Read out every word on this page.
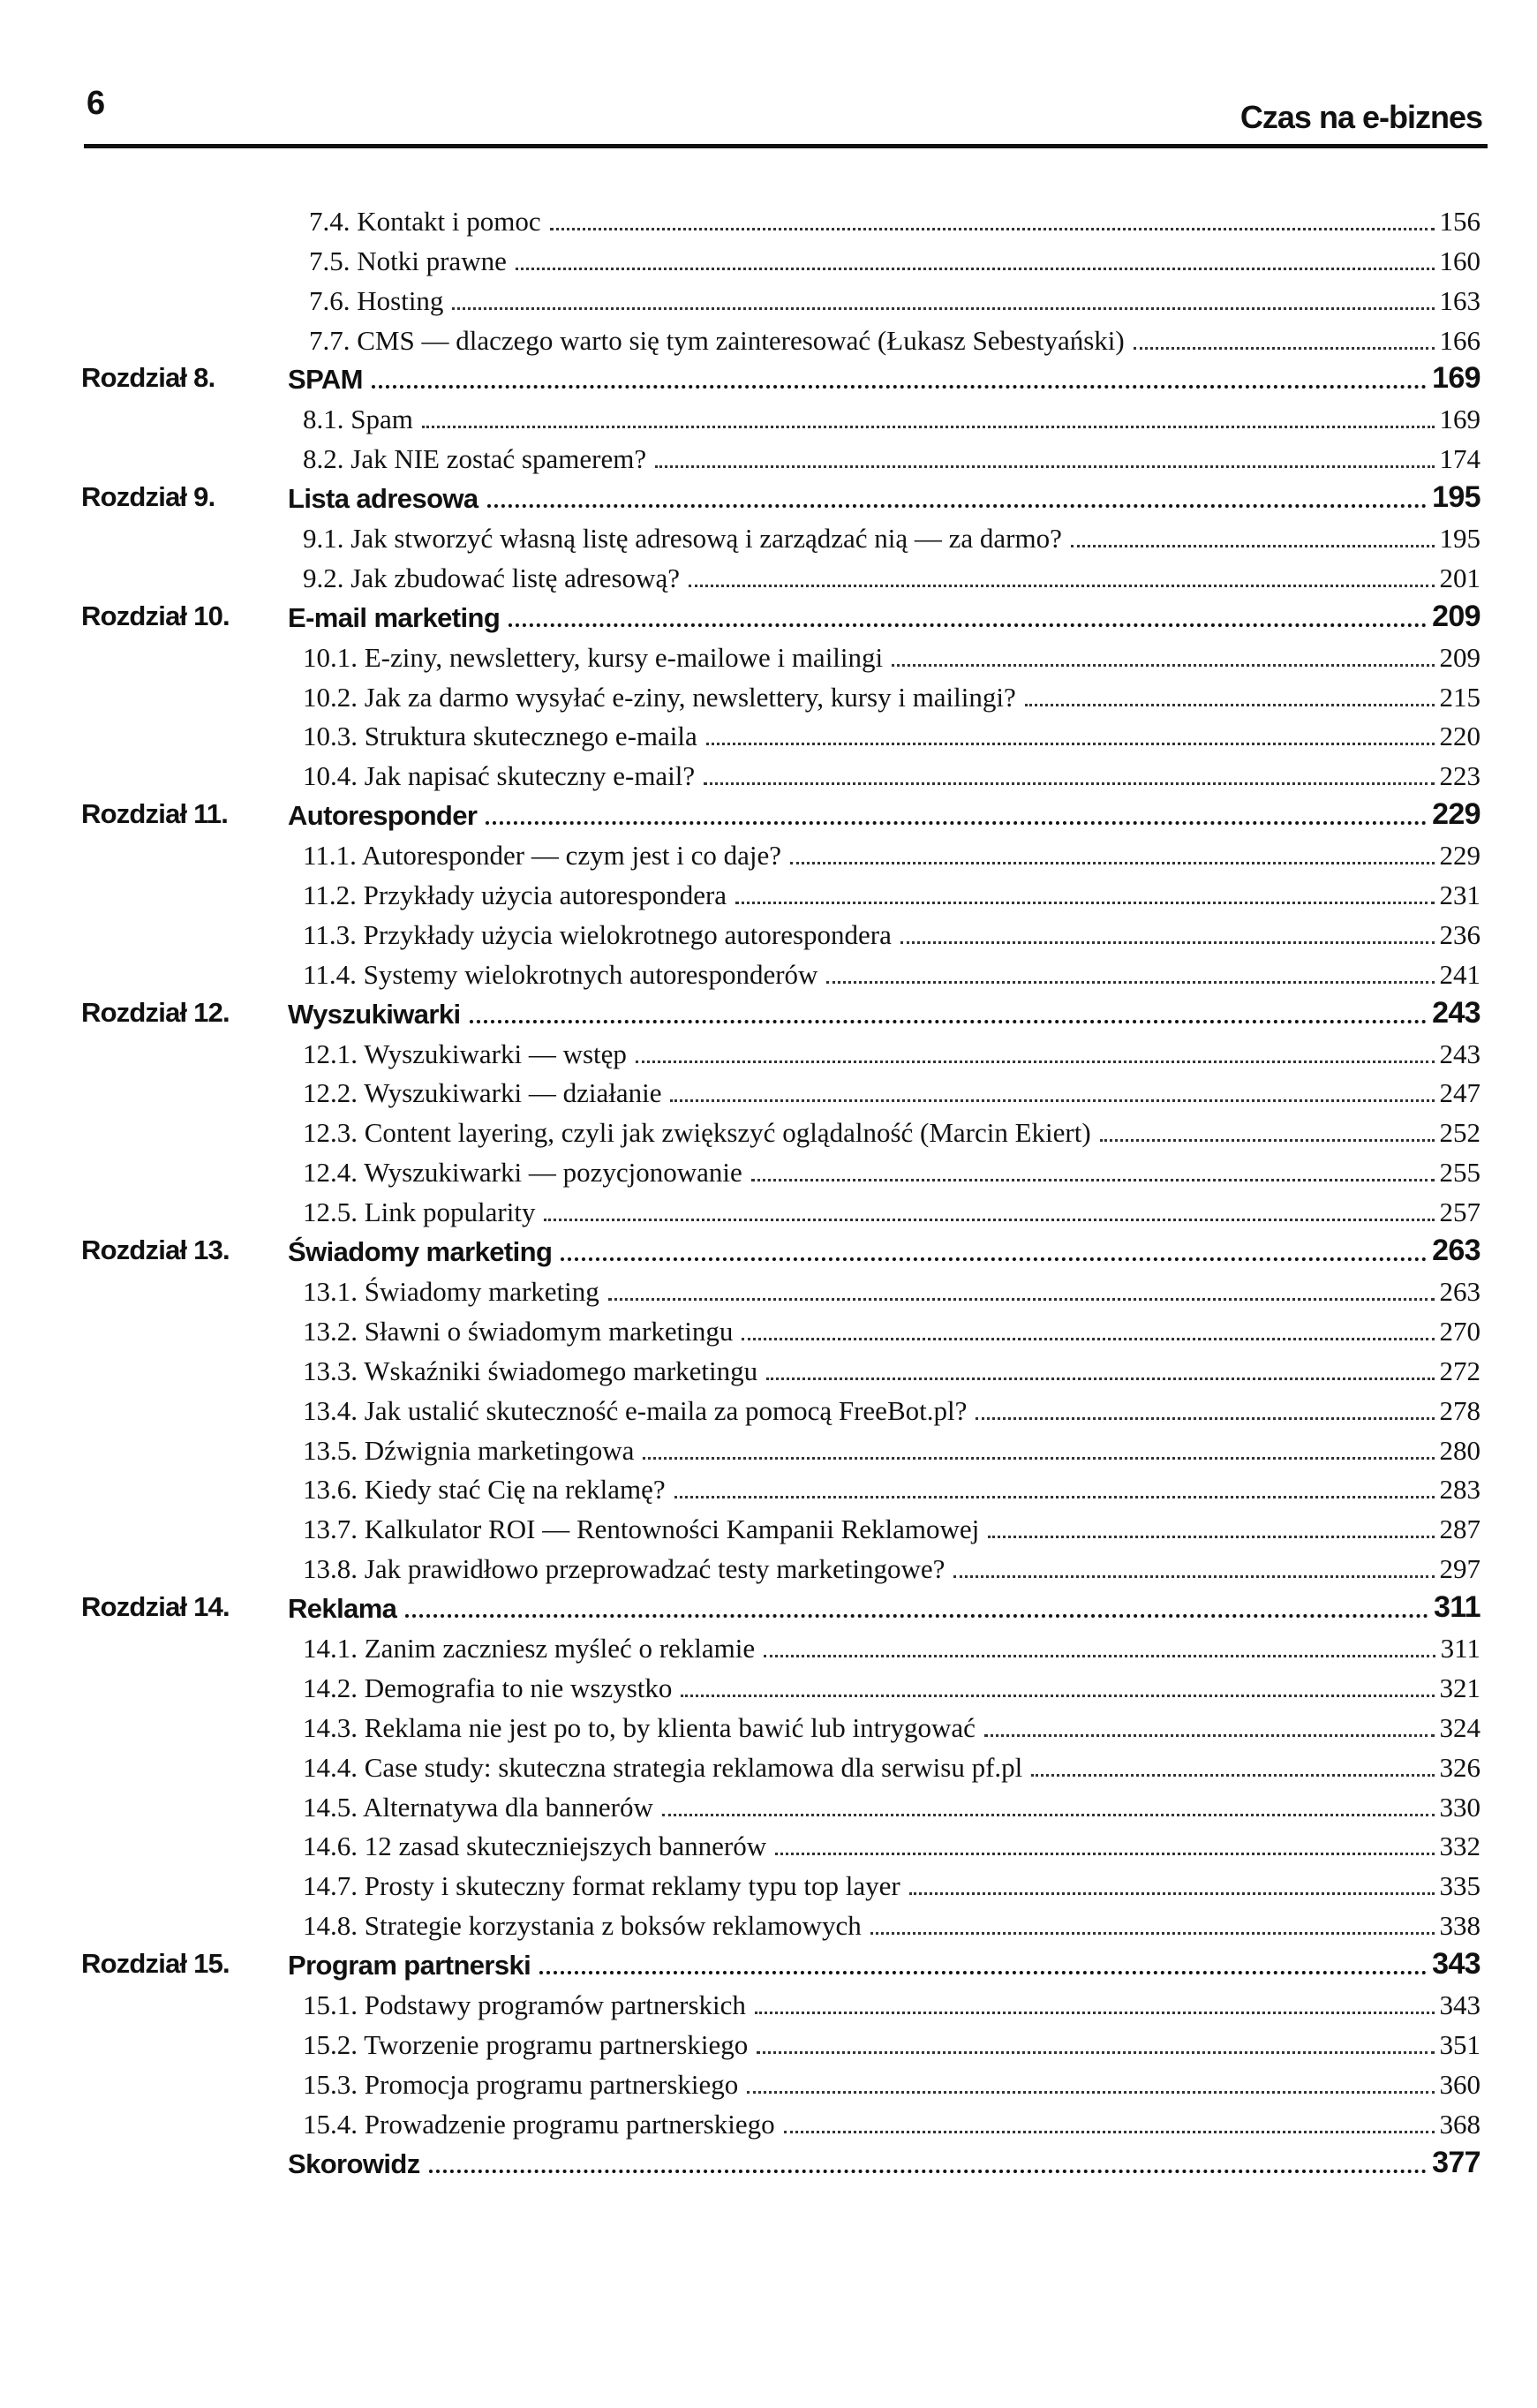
6	Czas na e-biznes
7.4. Kontakt i pomoc	156
7.5. Notki prawne	160
7.6. Hosting	163
7.7. CMS — dlaczego warto się tym zainteresować (Łukasz Sebestyański)	166
Rozdział 8.	SPAM	169
8.1. Spam	169
8.2. Jak NIE zostać spamerem?	174
Rozdział 9.	Lista adresowa	195
9.1. Jak stworzyć własną listę adresową i zarządzać nią — za darmo?	195
9.2. Jak zbudować listę adresową?	201
Rozdział 10. E-mail marketing	209
10.1. E-ziny, newslettery, kursy e-mailowe i mailingi	209
10.2. Jak za darmo wysyłać e-ziny, newslettery, kursy i mailingi?	215
10.3. Struktura skutecznego e-maila	220
10.4. Jak napisać skuteczny e-mail?	223
Rozdział 11. Autoresponder	229
11.1. Autoresponder — czym jest i co daje?	229
11.2. Przykłady użycia autorespondera	231
11.3. Przykłady użycia wielokrotnego autorespondera	236
11.4. Systemy wielokrotnych autoresponderów	241
Rozdział 12. Wyszukiwarki	243
12.1. Wyszukiwarki — wstęp	243
12.2. Wyszukiwarki — działanie	247
12.3. Content layering, czyli jak zwiększyć oglądalność (Marcin Ekiert)	252
12.4. Wyszukiwarki — pozycjonowanie	255
12.5. Link popularity	257
Rozdział 13. Świadomy marketing	263
13.1. Świadomy marketing	263
13.2. Sławni o świadomym marketingu	270
13.3. Wskaźniki świadomego marketingu	272
13.4. Jak ustalić skuteczność e-maila za pomocą FreeBot.pl?	278
13.5. Dźwignia marketingowa	280
13.6. Kiedy stać Cię na reklamę?	283
13.7. Kalkulator ROI — Rentowności Kampanii Reklamowej	287
13.8. Jak prawidłowo przeprowadzać testy marketingowe?	297
Rozdział 14. Reklama	311
14.1. Zanim zaczniesz myśleć o reklamie	311
14.2. Demografia to nie wszystko	321
14.3. Reklama nie jest po to, by klienta bawić lub intrygować	324
14.4. Case study: skuteczna strategia reklamowa dla serwisu pf.pl	326
14.5. Alternatywa dla bannerów	330
14.6. 12 zasad skuteczniejszych bannerów	332
14.7. Prosty i skuteczny format reklamy typu top layer	335
14.8. Strategie korzystania z boksów reklamowych	338
Rozdział 15. Program partnerski	343
15.1. Podstawy programów partnerskich	343
15.2. Tworzenie programu partnerskiego	351
15.3. Promocja programu partnerskiego	360
15.4. Prowadzenie programu partnerskiego	368
Skorowidz	377
